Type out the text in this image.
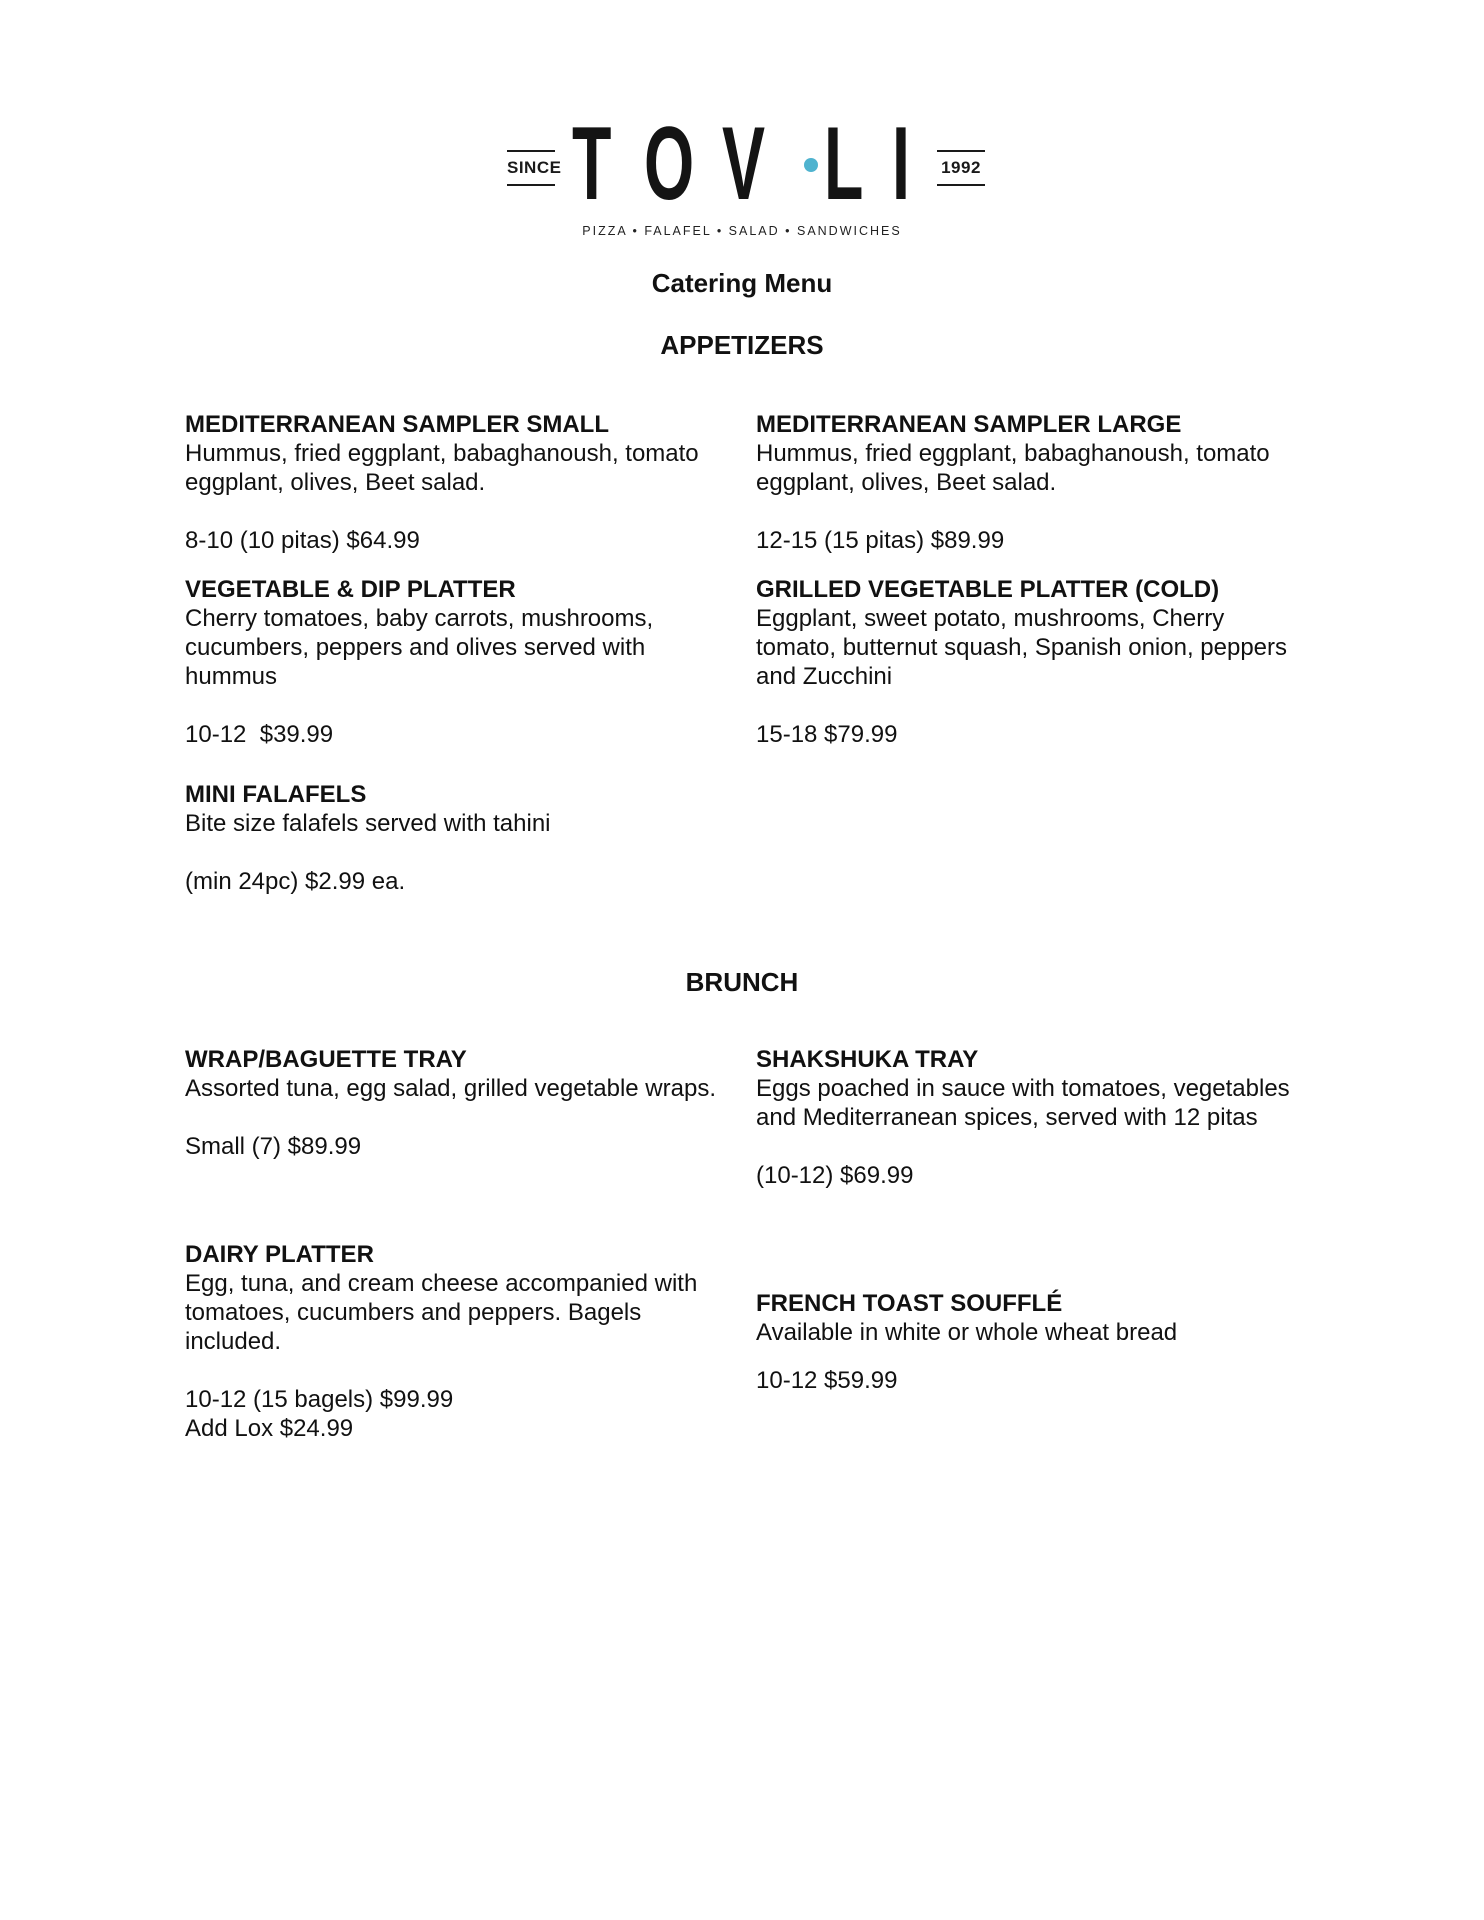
SINCE T O V L I 1992
PIZZA • FALAFEL • SALAD • SANDWICHES
Catering Menu
APPETIZERS
MEDITERRANEAN SAMPLER SMALL
Hummus, fried eggplant, babaghanoush, tomato eggplant, olives, Beet salad.
8-10 (10 pitas) $64.99
MEDITERRANEAN SAMPLER LARGE
Hummus, fried eggplant, babaghanoush, tomato eggplant, olives, Beet salad.
12-15 (15 pitas) $89.99
VEGETABLE & DIP PLATTER
Cherry tomatoes, baby carrots, mushrooms, cucumbers, peppers and olives served with hummus
10-12  $39.99
GRILLED VEGETABLE PLATTER (COLD)
Eggplant, sweet potato, mushrooms, Cherry tomato, butternut squash, Spanish onion, peppers and Zucchini
15-18 $79.99
MINI FALAFELS
Bite size falafels served with tahini
(min 24pc) $2.99 ea.
BRUNCH
WRAP/BAGUETTE TRAY
Assorted tuna, egg salad, grilled vegetable wraps.
Small (7) $89.99
SHAKSHUKA TRAY
Eggs poached in sauce with tomatoes, vegetables and Mediterranean spices, served with 12 pitas
(10-12) $69.99
DAIRY PLATTER
Egg, tuna, and cream cheese accompanied with tomatoes, cucumbers and peppers. Bagels included.
10-12 (15 bagels) $99.99
Add Lox $24.99
FRENCH TOAST SOUFFLÉ
Available in white or whole wheat bread
10-12 $59.99
